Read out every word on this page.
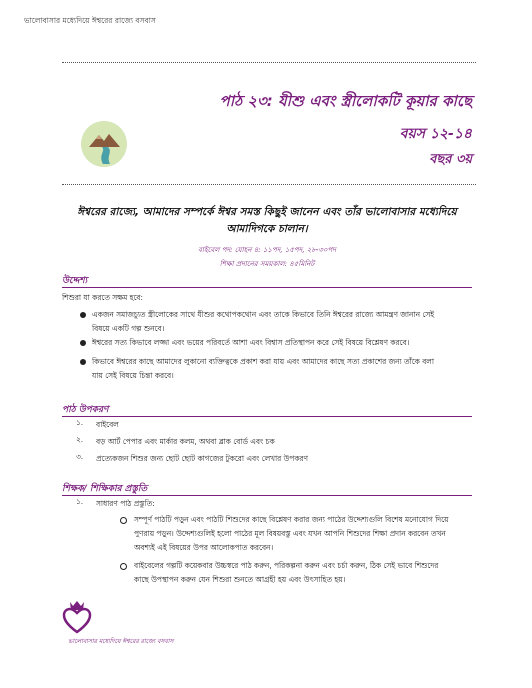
ভালোবাসার মধ্যেদিয়ে ঈশ্বরের রাজ্যে বসবাস
পাঠ ২৩: যীশু এবং স্ত্রীলোকটি কূয়ার কাছে
বয়স ১২-১৪
বছর ৩য়
ঈশ্বরের রাজ্যে, আমাদের সম্পর্কে ঈশ্বর সমস্ত কিছুই জানেন এবং তাঁর ভালোবাসার মধ্যেদিয়ে
আমাদিগকে চালান।
বাইবেল পদ: যোহন ৪: ১১পদ, ১৫পদ, ২৮-৩০পদ
শিক্ষা প্রদানের সময়কাল: ৪৫মিনিট
উদ্দেশ্য
শিশুরা যা করতে সক্ষম হবে:
একজন সমাজচ্যুত স্ত্রীলোকের সাথে যীশুর কথোপকথোন এবং তাকে কিভাবে তিনি ঈশ্বরের রাজ্যে আমন্ত্রণ জানান সেই
বিষয়ে একটি গল্প শুনবে।
ঈশ্বরের সত্য কিভাবে লজ্জা এবং ভয়ের পরিবর্তে আশা এবং বিশ্বাস প্রতিস্থাপন করে সেই বিষয়ে বিশ্লেষণ করবে।
কিভাবে ঈশ্বরের কাছে আমাদের লুকানো ব্যক্তিত্বকে প্রকাশ করা যায় এবং আমাদের কাছে সত্য প্রকাশের জন্য তাঁকে বলা
যায় সেই বিষয়ে চিন্তা করবে।
পাঠ উপকরণ
১. বাইবেল
২. বড় আর্ট পেপার এবং মার্কার কলম, অথবা ব্লাক বোর্ড এবং চক
৩. প্রত্যেকজন শিশুর জন্য ছোট ছোট কাগজের টুকরো এবং লেখার উপকরণ
শিক্ষক/ শিক্ষিকার প্রস্তুতি
১. সাধারণ পাঠ প্রস্তুতি:
সম্পূর্ণ পাঠটি পড়ুন এবং পাঠটি শিশুদের কাছে বিশ্লেষণ করার জন্য পাঠের উদ্দেশ্যগুলি বিশেষ মনোযোগ দিয়ে
পুণরায় পড়ুন। উদ্দেশ্যগুলিই হলো পাঠের মূল বিষয়বস্তু এবং যখন আপনি শিশুদের শিক্ষা প্রদান করবেন তখন
অবশ্যই এই বিষয়ের উপর আলোকপাত করবেন।
বাইবেলের গল্পটি কয়েকবার উচ্চস্বরে পাঠ করুন, পরিকল্পনা করুন এবং চর্চা করুন, ঠিক সেই ভাবে শিশুদের
কাছে উপস্থাপন করুন যেন শিশুরা শুনতে আগ্রহী হয় এবং উৎসাহিত হয়।
ভালোবাসার মধ্যেদিয়ে ঈশ্বরের রাজ্যে বসবাস
